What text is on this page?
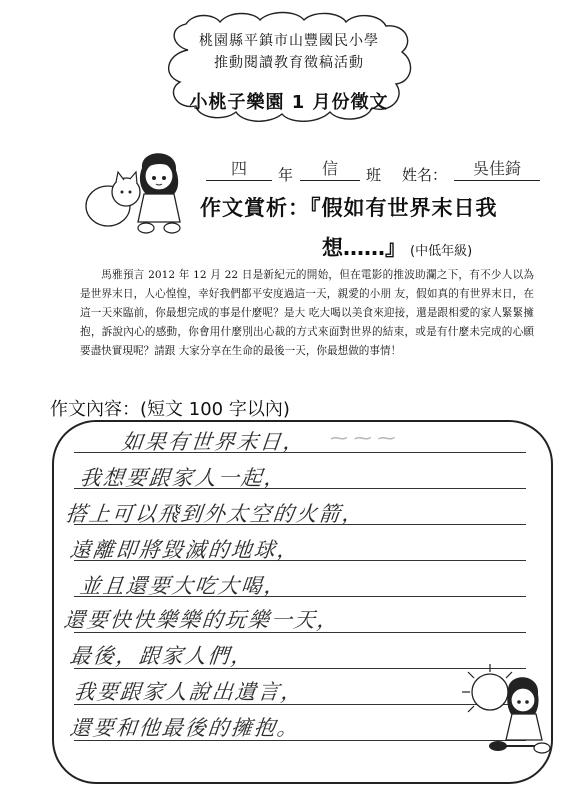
桃園縣平鎮市山豐國民小學
推動閱讀教育徵稿活動
小桃子樂園 1 月份徵文
四	年	信	班 姓名：	吳佳錡
作文賞析：『假如有世界末日我
想……』 (中低年級)
馬雅預言 2012 年 12 月 22 日是新紀元的開始，但在電影的推波助瀾之下，有不少人以為是世界末日，人心惶惶，幸好我們都平安度過這一天，親愛的小朋 友，假如真的有世界末日，在這一天來臨前，你最想完成的事是什麼呢？是大 吃大喝以美食來迎接，還是跟相愛的家人緊緊擁抱，訴說內心的感動，你會用什麼別出心裁的方式來面對世界的結束，或是有什麼未完成的心願要盡快實現呢？請跟 大家分享在生命的最後一天，你最想做的事情！
作文內容：(短文 100 字以內)
如果有世界末日，
我想要跟家人一起，
搭上可以飛到外太空的火箭，
遠離即將毀滅的地球，
並且還要大吃大喝，
還要快快樂樂的玩樂一天，
最後，跟家人們，
我要跟家人說出遺言，
還要和他最後的擁抱。
⁓ ⁓ ⁓
